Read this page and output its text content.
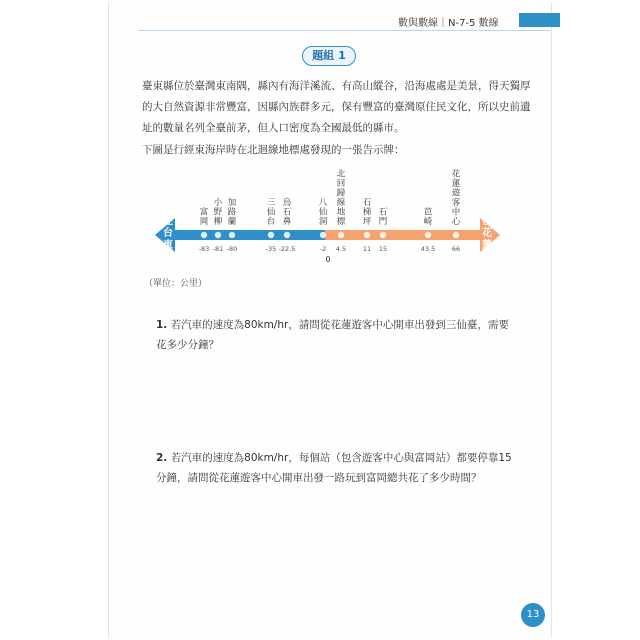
數與數線｜N-7-5 數線
題組 1
臺東縣位於臺灣東南隅，縣內有海洋溪流、有高山縱谷，沿海處處是美景，得天獨厚的大自然資源非常豐富，因縣內族群多元，保有豐富的臺灣原住民文化，所以史前遺址的數量名列全臺前茅，但人口密度為全國最低的縣市。
下圖是行經東海岸時在北迴線地標處發現的一張告示牌：
往
台
東
往
花
蓮
富
岡
-83
小
野
柳
-81
加
路
蘭
-80
三
仙
台
-35
烏
石
鼻
-22.5
八
仙
洞
-2
北
回
歸
線
地
標
4.5
石
梯
坪
11
石
門
15
芭
崎
43.5
花
蓮
遊
客
中
心
66
0
（單位：公里）
1. 若汽車的速度為80km/hr，請問從花蓮遊客中心開車出發到三仙臺，需要花多少分鐘？
2. 若汽車的速度為80km/hr，每個站（包含遊客中心與富岡站）都要停靠15分鐘，請問從花蓮遊客中心開車出發一路玩到富岡總共花了多少時間？
13
